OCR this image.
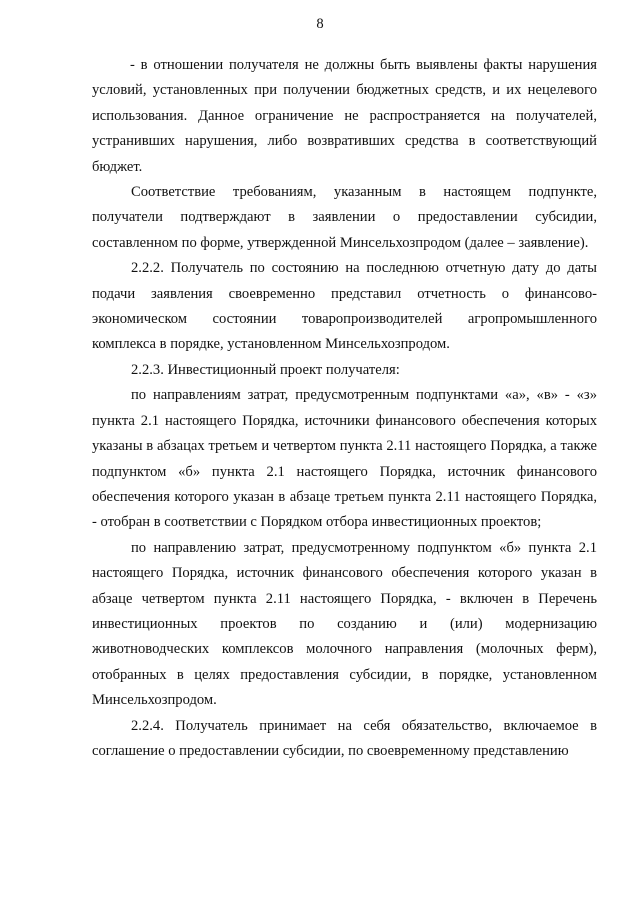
8

- в отношении получателя не должны быть выявлены факты нарушения условий, установленных при получении бюджетных средств, и их нецелевого использования. Данное ограничение не распространяется на получателей, устранивших нарушения, либо возвративших средства в соответствующий бюджет.

Соответствие требованиям, указанным в настоящем подпункте, получатели подтверждают в заявлении о предоставлении субсидии, составленном по форме, утвержденной Минсельхозпродом (далее – заявление).

2.2.2. Получатель по состоянию на последнюю отчетную дату до даты подачи заявления своевременно представил отчетность о финансово-экономическом состоянии товаропроизводителей агропромышленного комплекса в порядке, установленном Минсельхозпродом.

2.2.3. Инвестиционный проект получателя:

по направлениям затрат, предусмотренным подпунктами «а», «в» - «з» пункта 2.1 настоящего Порядка, источники финансового обеспечения которых указаны в абзацах третьем и четвертом пункта 2.11 настоящего Порядка, а также подпунктом «б» пункта 2.1 настоящего Порядка, источник финансового обеспечения которого указан в абзаце третьем пункта 2.11 настоящего Порядка, - отобран в соответствии с Порядком отбора инвестиционных проектов;

по направлению затрат, предусмотренному подпунктом «б» пункта 2.1 настоящего Порядка, источник финансового обеспечения которого указан в абзаце четвертом пункта 2.11 настоящего Порядка, - включен в Перечень инвестиционных проектов по созданию и (или) модернизацию животноводческих комплексов молочного направления (молочных ферм), отобранных в целях предоставления субсидии, в порядке, установленном Минсельхозпродом.

2.2.4. Получатель принимает на себя обязательство, включаемое в соглашение о предоставлении субсидии, по своевременному представлению
